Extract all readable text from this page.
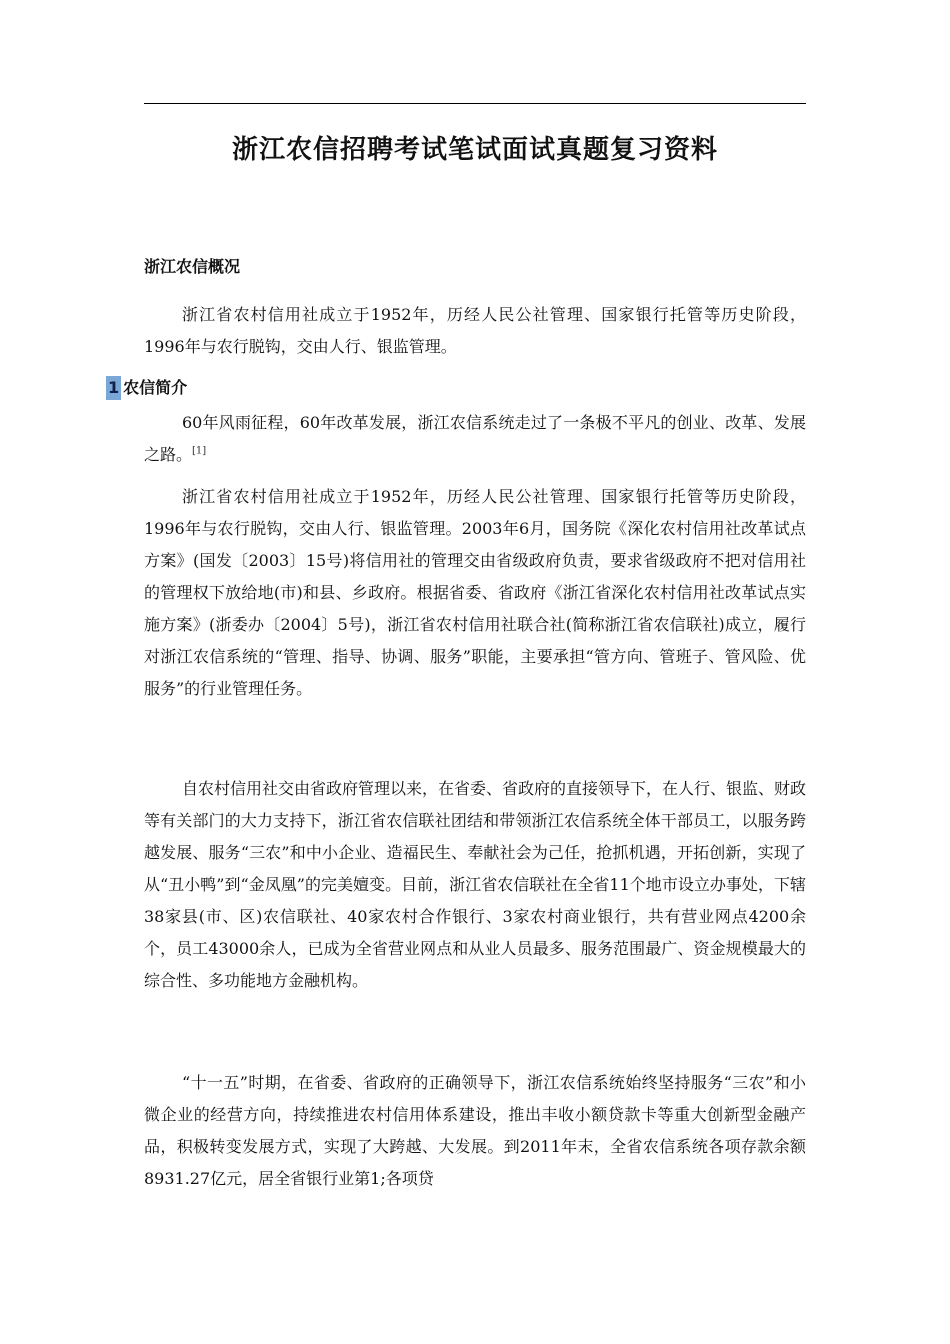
浙江农信招聘考试笔试面试真题复习资料
浙江农信概况

浙江省农村信用社成立于1952年，历经人民公社管理、国家银行托管等历史阶段，1996年与农行脱钩，交由人行、银监管理。

1 农信简介

60年风雨征程，60年改革发展，浙江农信系统走过了一条极不平凡的创业、改革、发展之路。[1]

浙江省农村信用社成立于1952年，历经人民公社管理、国家银行托管等历史阶段，1996年与农行脱钩，交由人行、银监管理。2003年6月，国务院《深化农村信用社改革试点方案》(国发〔2003〕15号)将信用社的管理交由省级政府负责，要求省级政府不把对信用社的管理权下放给地(市)和县、乡政府。根据省委、省政府《浙江省深化农村信用社改革试点实施方案》(浙委办〔2004〕5号)，浙江省农村信用社联合社(简称浙江省农信联社)成立，履行对浙江农信系统的“管理、指导、协调、服务”职能，主要承担“管方向、管班子、管风险、优服务”的行业管理任务。

自农村信用社交由省政府管理以来，在省委、省政府的直接领导下，在人行、银监、财政等有关部门的大力支持下，浙江省农信联社团结和带领浙江农信系统全体干部员工，以服务跨越发展、服务“三农”和中小企业、造福民生、奉献社会为己任，抢抓机遇，开拓创新，实现了从“丑小鸭”到“金凤凰”的完美嬗变。目前，浙江省农信联社在全省11个地市设立办事处，下辖38家县(市、区)农信联社、40家农村合作银行、3家农村商业银行，共有营业网点4200余个，员工43000余人，已成为全省营业网点和从业人员最多、服务范围最广、资金规模最大的综合性、多功能地方金融机构。

“十一五”时期，在省委、省政府的正确领导下，浙江农信系统始终坚持服务“三农”和小微企业的经营方向，持续推进农村信用体系建设，推出丰收小额贷款卡等重大创新型金融产品，积极转变发展方式，实现了大跨越、大发展。到2011年末，全省农信系统各项存款余额8931.27亿元，居全省银行业第1;各项贷
